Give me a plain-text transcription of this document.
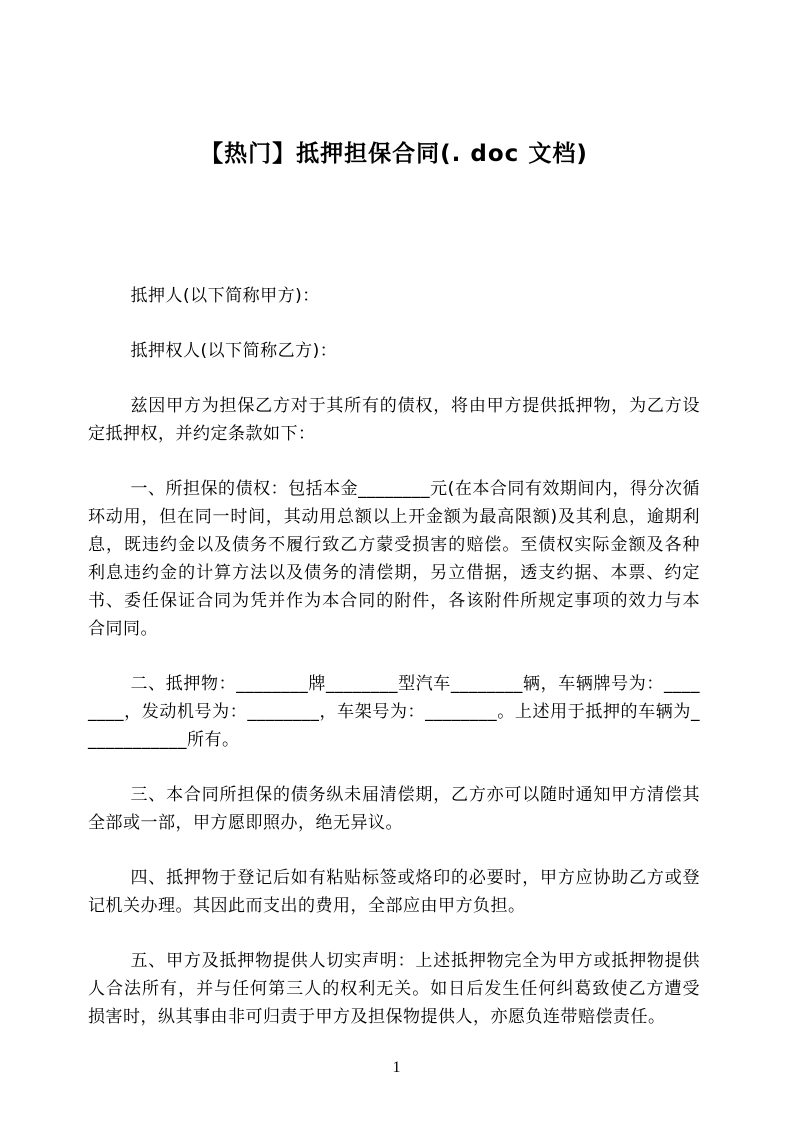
【热门】抵押担保合同(. doc 文档)

抵押人(以下简称甲方)：

抵押权人(以下简称乙方)：

兹因甲方为担保乙方对于其所有的债权，将由甲方提供抵押物，为乙方设定抵押权，并约定条款如下：

一、所担保的债权：包括本金________元(在本合同有效期间内，得分次循环动用，但在同一时间，其动用总额以上开金额为最高限额)及其利息，逾期利息，既违约金以及债务不履行致乙方蒙受损害的赔偿。至债权实际金额及各种利息违约金的计算方法以及债务的清偿期，另立借据，透支约据、本票、约定书、委任保证合同为凭并作为本合同的附件，各该附件所规定事项的效力与本合同同。

二、抵押物：________牌________型汽车________辆，车辆牌号为：________，发动机号为：________，车架号为：________。上述用于抵押的车辆为____________所有。

三、本合同所担保的债务纵未届清偿期，乙方亦可以随时通知甲方清偿其全部或一部，甲方愿即照办，绝无异议。

四、抵押物于登记后如有粘贴标签或烙印的必要时，甲方应协助乙方或登记机关办理。其因此而支出的费用，全部应由甲方负担。

五、甲方及抵押物提供人切实声明：上述抵押物完全为甲方或抵押物提供人合法所有，并与任何第三人的权利无关。如日后发生任何纠葛致使乙方遭受损害时，纵其事由非可归责于甲方及担保物提供人，亦愿负连带赔偿责任。

1
